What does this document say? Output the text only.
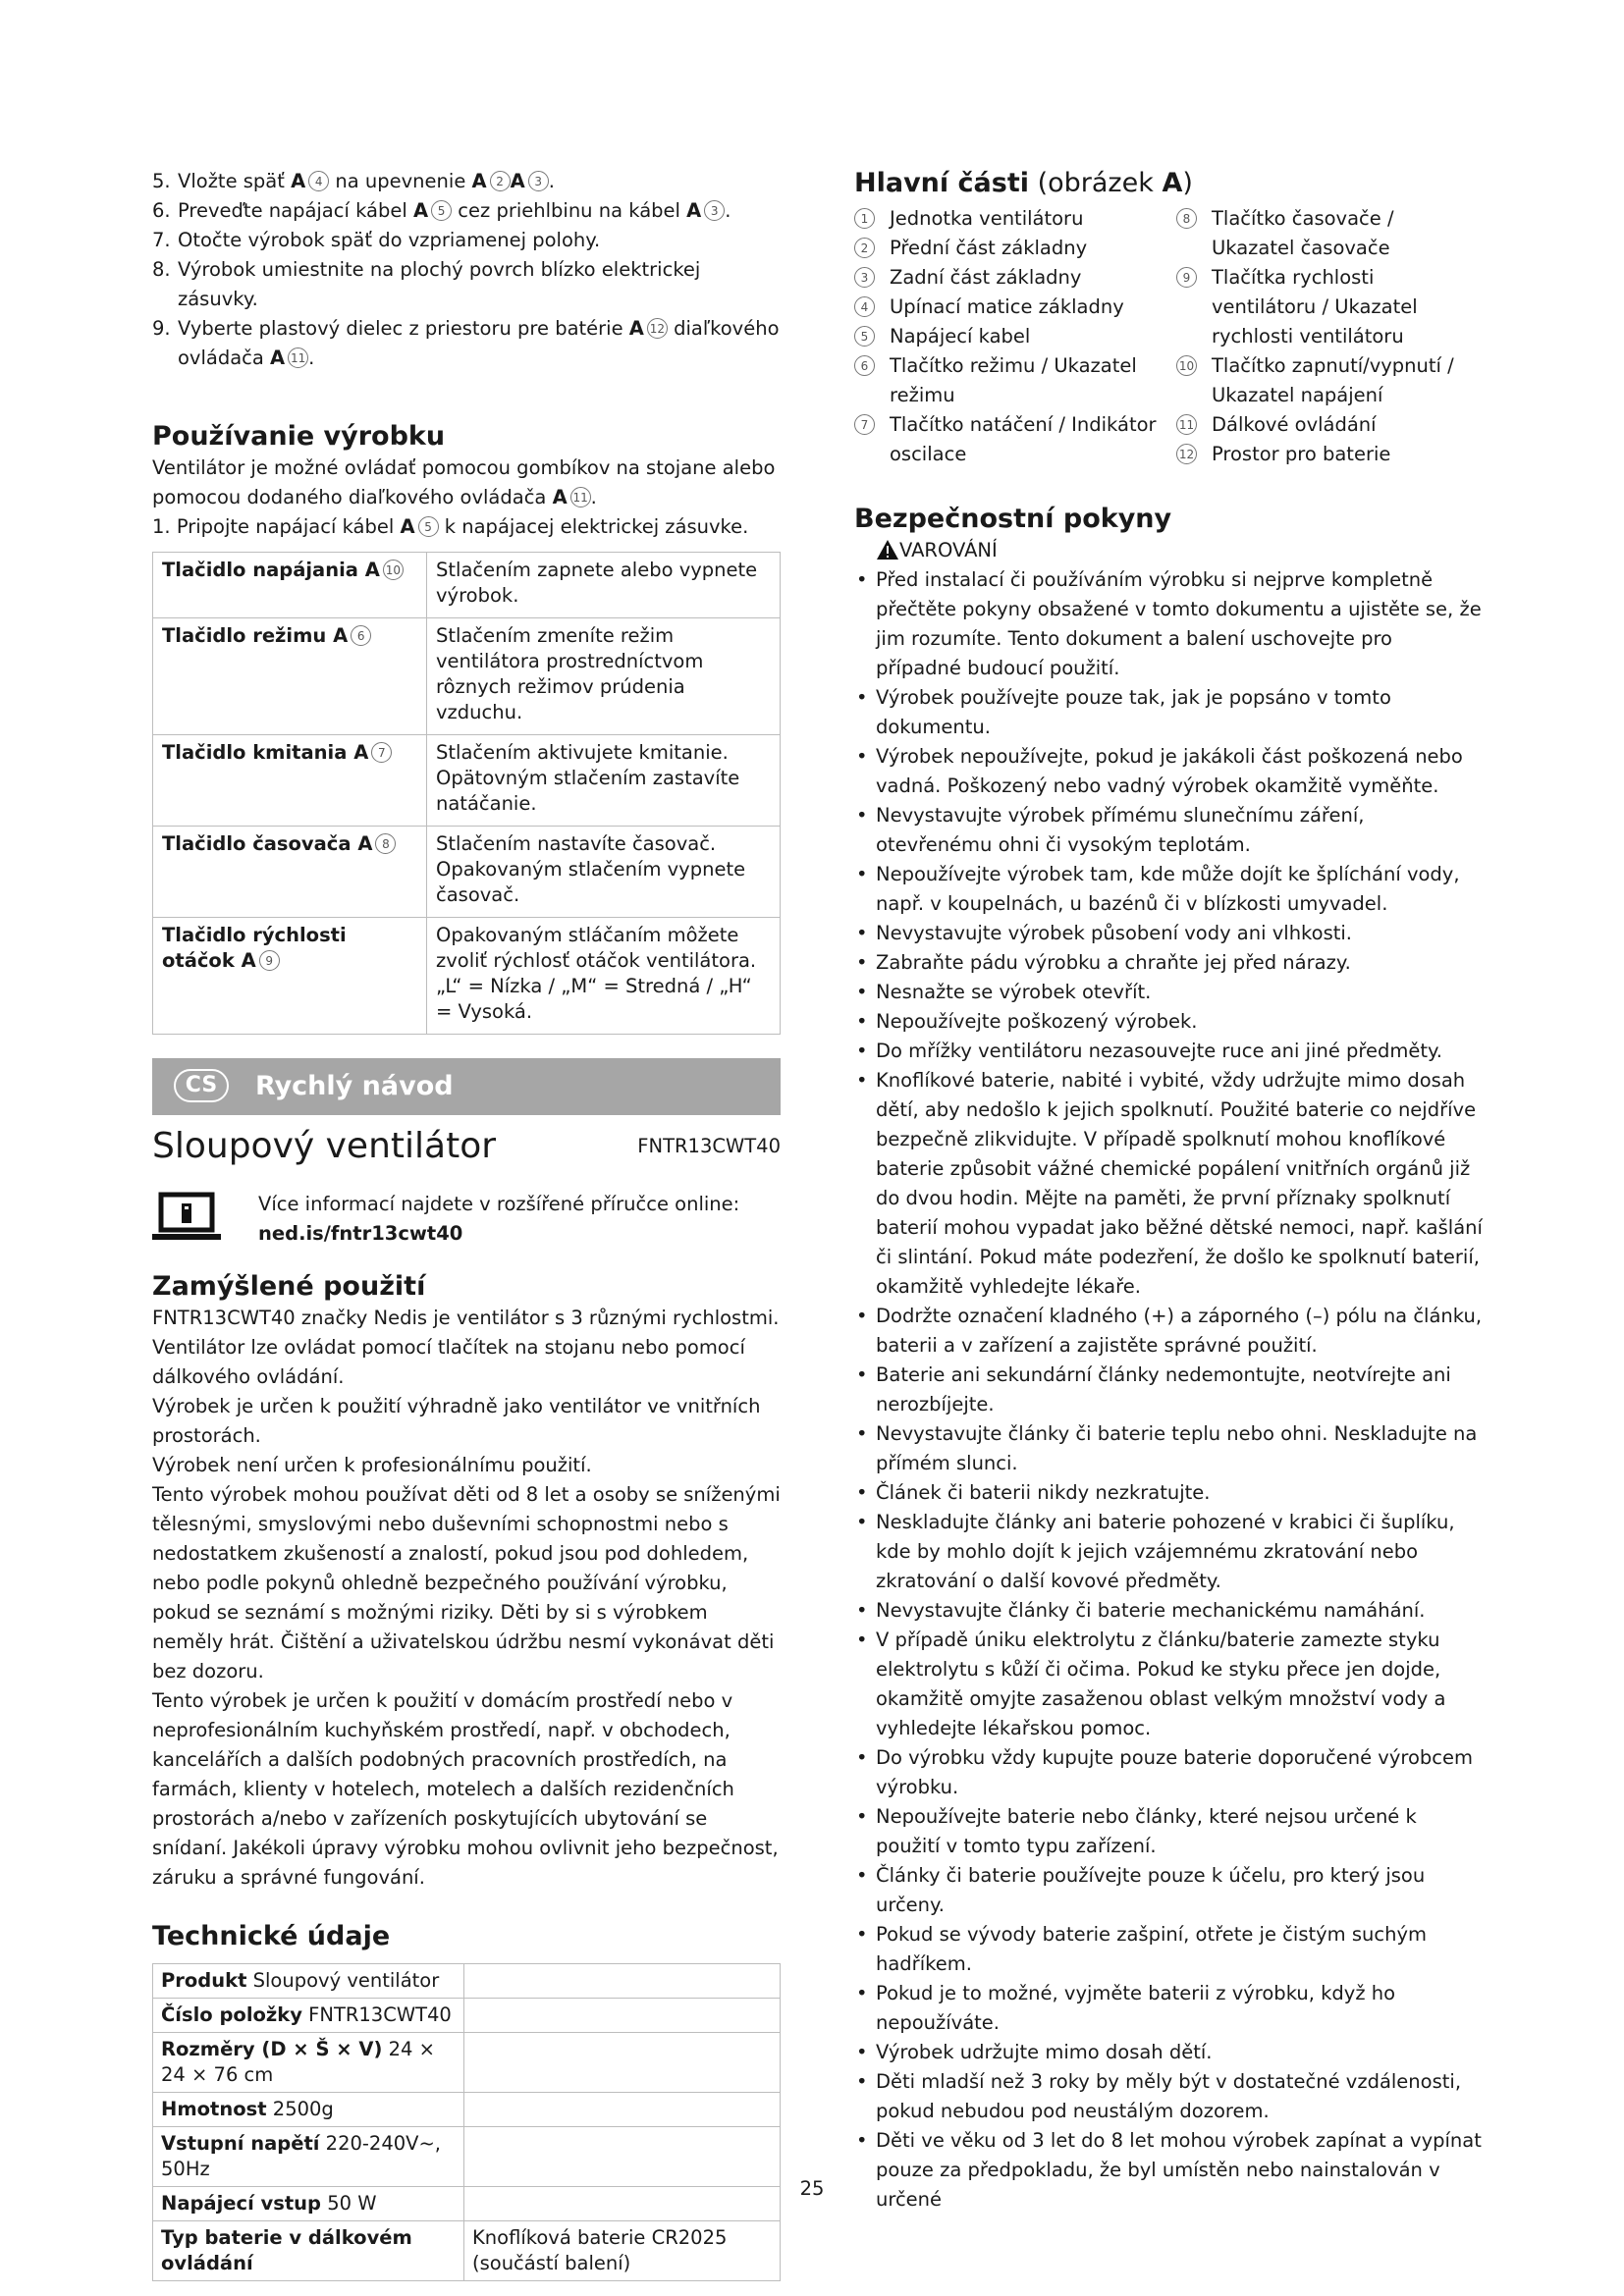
5. Vložte späť A 4 na upevnenie A 2 A 3 .
6. Preveďte napájací kábel A 5 cez priehlbinu na kábel A 3 .
7. Otočte výrobok späť do vzpriamenej polohy.
8. Výrobok umiestnite na plochý povrch blízko elektrickej zásuvky.
9. Vyberte plastový dielec z priestoru pre batérie A 12 diaľkového ovládača A 11 .
Používanie výrobku
Ventilátor je možné ovládať pomocou gombíkov na stojane alebo pomocou dodaného diaľkového ovládača A 11 .
1. Pripojte napájací kábel A 5 k napájacej elektrickej zásuvke.
Tlačidlo napájania A 10	Stlačením zapnete alebo vypnete výrobok.
Tlačidlo režimu A 6	Stlačením zmeníte režim ventilátora prostredníctvom rôznych režimov prúdenia vzduchu.
Tlačidlo kmitania A 7	Stlačením aktivujete kmitanie. Opätovným stlačením zastavíte natáčanie.
Tlačidlo časovača A 8	Stlačením nastavíte časovač. Opakovaným stlačením vypnete časovač.
Tlačidlo rýchlosti otáčok A 9	Opakovaným stláčaním môžete zvoliť rýchlosť otáčok ventilátora. „L“ = Nízka / „M“ = Stredná / „H“ = Vysoká.
CS	Rychlý návod
Sloupový ventilátor	FNTR13CWT40
Více informací najdete v rozšířené příručce online:
ned.is/fntr13cwt40
Zamýšlené použití
FNTR13CWT40 značky Nedis je ventilátor s 3 různými rychlostmi.
Ventilátor lze ovládat pomocí tlačítek na stojanu nebo pomocí dálkového ovládání.
Výrobek je určen k použití výhradně jako ventilátor ve vnitřních prostorách.
Výrobek není určen k profesionálnímu použití.
Tento výrobek mohou používat děti od 8 let a osoby se sníženými tělesnými, smyslovými nebo duševními schopnostmi nebo s nedostatkem zkušeností a znalostí, pokud jsou pod dohledem, nebo podle pokynů ohledně bezpečného používání výrobku, pokud se seznámí s možnými riziky. Děti by si s výrobkem neměly hrát. Čištění a uživatelskou údržbu nesmí vykonávat děti bez dozoru.
Tento výrobek je určen k použití v domácím prostředí nebo v neprofesionálním kuchyňském prostředí, např. v obchodech, kancelářích a dalších podobných pracovních prostředích, na farmách, klienty v hotelech, motelech a dalších rezidenčních prostorách a/nebo v zařízeních poskytujících ubytování se snídaní. Jakékoli úpravy výrobku mohou ovlivnit jeho bezpečnost, záruku a správné fungování.
Technické údaje
Produkt Sloupový ventilátor	
Číslo položky FNTR13CWT40	
Rozměry (D × Š × V) 24 × 24 × 76 cm	
Hmotnost 2500g	
Vstupní napětí 220-240V~, 50Hz	
Napájecí vstup 50 W	
Typ baterie v dálkovém ovládání	Knoflíková baterie CR2025 (součástí balení)
Hlavní části (obrázek A)
1	Jednotka ventilátoru
2	Přední část základny
3	Zadní část základny
4	Upínací matice základny
5	Napájecí kabel
6	Tlačítko režimu / Ukazatel režimu
7	Tlačítko natáčení / Indikátor oscilace
8	Tlačítko časovače / Ukazatel časovače
9	Tlačítka rychlosti ventilátoru / Ukazatel rychlosti ventilátoru
10 Tlačítko zapnutí/vypnutí / Ukazatel napájení
11 Dálkové ovládání
12 Prostor pro baterie
Bezpečnostní pokyny
VAROVÁNÍ
• Před instalací či používáním výrobku si nejprve kompletně přečtěte pokyny obsažené v tomto dokumentu a ujistěte se, že jim rozumíte. Tento dokument a balení uschovejte pro případné budoucí použití.
• Výrobek používejte pouze tak, jak je popsáno v tomto dokumentu.
• Výrobek nepoužívejte, pokud je jakákoli část poškozená nebo vadná. Poškozený nebo vadný výrobek okamžitě vyměňte.
• Nevystavujte výrobek přímému slunečnímu záření, otevřenému ohni či vysokým teplotám.
• Nepoužívejte výrobek tam, kde může dojít ke šplíchání vody, např. v koupelnách, u bazénů či v blízkosti umyvadel.
• Nevystavujte výrobek působení vody ani vlhkosti.
• Zabraňte pádu výrobku a chraňte jej před nárazy.
• Nesnažte se výrobek otevřít.
• Nepoužívejte poškozený výrobek.
• Do mřížky ventilátoru nezasouvejte ruce ani jiné předměty.
• Knoflíkové baterie, nabité i vybité, vždy udržujte mimo dosah dětí, aby nedošlo k jejich spolknutí. Použité baterie co nejdříve bezpečně zlikvidujte. V případě spolknutí mohou knoflíkové baterie způsobit vážné chemické popálení vnitřních orgánů již do dvou hodin. Mějte na paměti, že první příznaky spolknutí baterií mohou vypadat jako běžné dětské nemoci, např. kašlání či slintání. Pokud máte podezření, že došlo ke spolknutí baterií, okamžitě vyhledejte lékaře.
• Dodržte označení kladného (+) a záporného (–) pólu na článku, baterii a v zařízení a zajistěte správné použití.
• Baterie ani sekundární články nedemontujte, neotvírejte ani nerozbíjejte.
• Nevystavujte články či baterie teplu nebo ohni. Neskladujte na přímém slunci.
• Článek či baterii nikdy nezkratujte.
• Neskladujte články ani baterie pohozené v krabici či šuplíku, kde by mohlo dojít k jejich vzájemnému zkratování nebo zkratování o další kovové předměty.
• Nevystavujte články či baterie mechanickému namáhání.
• V případě úniku elektrolytu z článku/baterie zamezte styku elektrolytu s kůží či očima. Pokud ke styku přece jen dojde, okamžitě omyjte zasaženou oblast velkým množství vody a vyhledejte lékařskou pomoc.
• Do výrobku vždy kupujte pouze baterie doporučené výrobcem výrobku.
• Nepoužívejte baterie nebo články, které nejsou určené k použití v tomto typu zařízení.
• Články či baterie používejte pouze k účelu, pro který jsou určeny.
• Pokud se vývody baterie zašpiní, otřete je čistým suchým hadříkem.
• Pokud je to možné, vyjměte baterii z výrobku, když ho nepoužíváte.
• Výrobek udržujte mimo dosah dětí.
• Děti mladší než 3 roky by měly být v dostatečné vzdálenosti, pokud nebudou pod neustálým dozorem.
• Děti ve věku od 3 let do 8 let mohou výrobek zapínat a vypínat pouze za předpokladu, že byl umístěn nebo nainstalován v určené
25
